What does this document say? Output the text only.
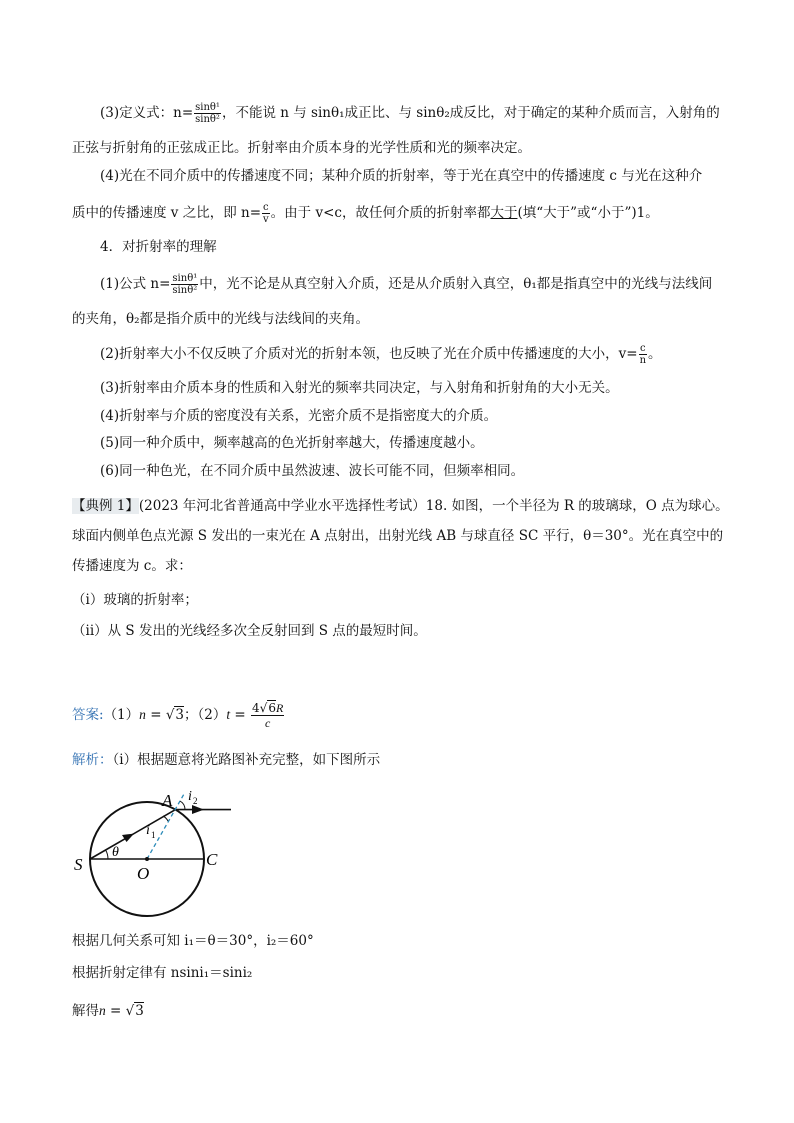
(3)定义式：$n= \frac{\text{sinθ¹}}{\text{sinθ²}}$ ，不能说 n 与 sinθ₁成正比、与 sinθ₂成反比，对于确定的某种介质而言，入射角的
正弦与折射角的正弦成正比。折射率由介质本身的光学性质和光的频率决定。
(4)光在不同介质中的传播速度不同；某种介质的折射率，等于光在真空中的传播速度 c 与光在这种介
质中的传播速度 v 之比，即 $n= \frac{c}{v}$ 。由于 v<c，故任何介质的折射率都大于(填“大于”或“小于”)1。
4．对折射率的理解
(1)公式 $n= \frac{\text{sinθ¹}}{\text{sinθ²}}$ 中，光不论是从真空射入介质，还是从介质射入真空，θ₁都是指真空中的光线与法线间
的夹角，θ₂都是指介质中的光线与法线间的夹角。
(2)折射率大小不仅反映了介质对光的折射本领，也反映了光在介质中传播速度的大小，$v= \frac{c}{n}$ 。
(3)折射率由介质本身的性质和入射光的频率共同决定，与入射角和折射角的大小无关。
(4)折射率与介质的密度没有关系，光密介质不是指密度大的介质。
(5)同一种介质中，频率越高的色光折射率越大，传播速度越小。
(6)同一种色光，在不同介质中虽然波速、波长可能不同，但频率相同。
【典例 1】(2023 年河北省普通高中学业水平选择性考试）18. 如图，一个半径为 R 的玻璃球，O 点为球心。
球面内侧单色点光源 S 发出的一束光在 A 点射出，出射光线 AB 与球直径 SC 平行，θ＝30°。光在真空中的
传播速度为 c。求：
（i）玻璃的折射率；
（ii）从 S 发出的光线经多次全反射回到 S 点的最短时间。
答案:（1）n = √3；$(2)t = \frac{4√6R}{c}$
解析：（i）根据题意将光路图补充完整，如下图所示
S	O
C
A
θ
i 1
i 2
根据几何关系可知 i₁＝θ＝30°，i₂＝60°
根据折射定律有 nsini₁＝sini₂
解得n = √3
